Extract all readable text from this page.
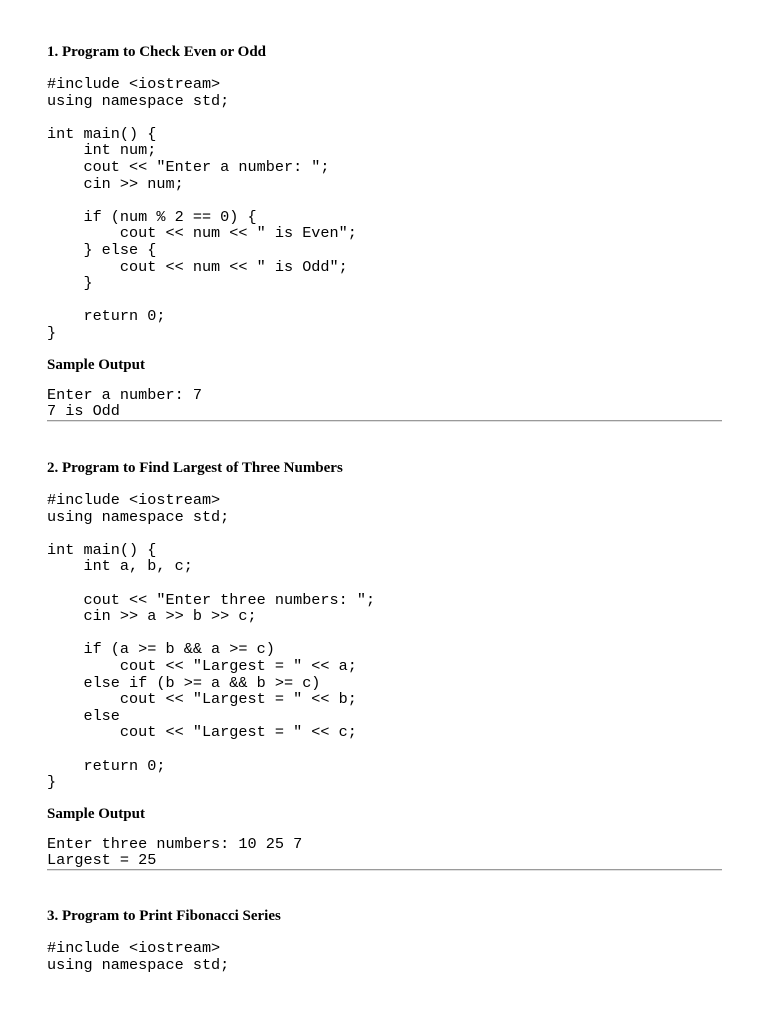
1. Program to Check Even or Odd
#include <iostream>
using namespace std;

int main() {
int num;
cout << "Enter a number: ";
cin >> num;

if (num % 2 == 0) {
cout << num << " is Even";
} else {
cout << num << " is Odd";
}

return 0;
}
Sample Output
Enter a number: 7
7 is Odd
2. Program to Find Largest of Three Numbers
#include <iostream>
using namespace std;

int main() {
int a, b, c;

cout << "Enter three numbers: ";
cin >> a >> b >> c;

if (a >= b && a >= c)
cout << "Largest = " << a;
else if (b >= a && b >= c)
cout << "Largest = " << b;
else
cout << "Largest = " << c;

return 0;
}
Sample Output
Enter three numbers: 10 25 7
Largest = 25
3. Program to Print Fibonacci Series
#include <iostream>
using namespace std;
